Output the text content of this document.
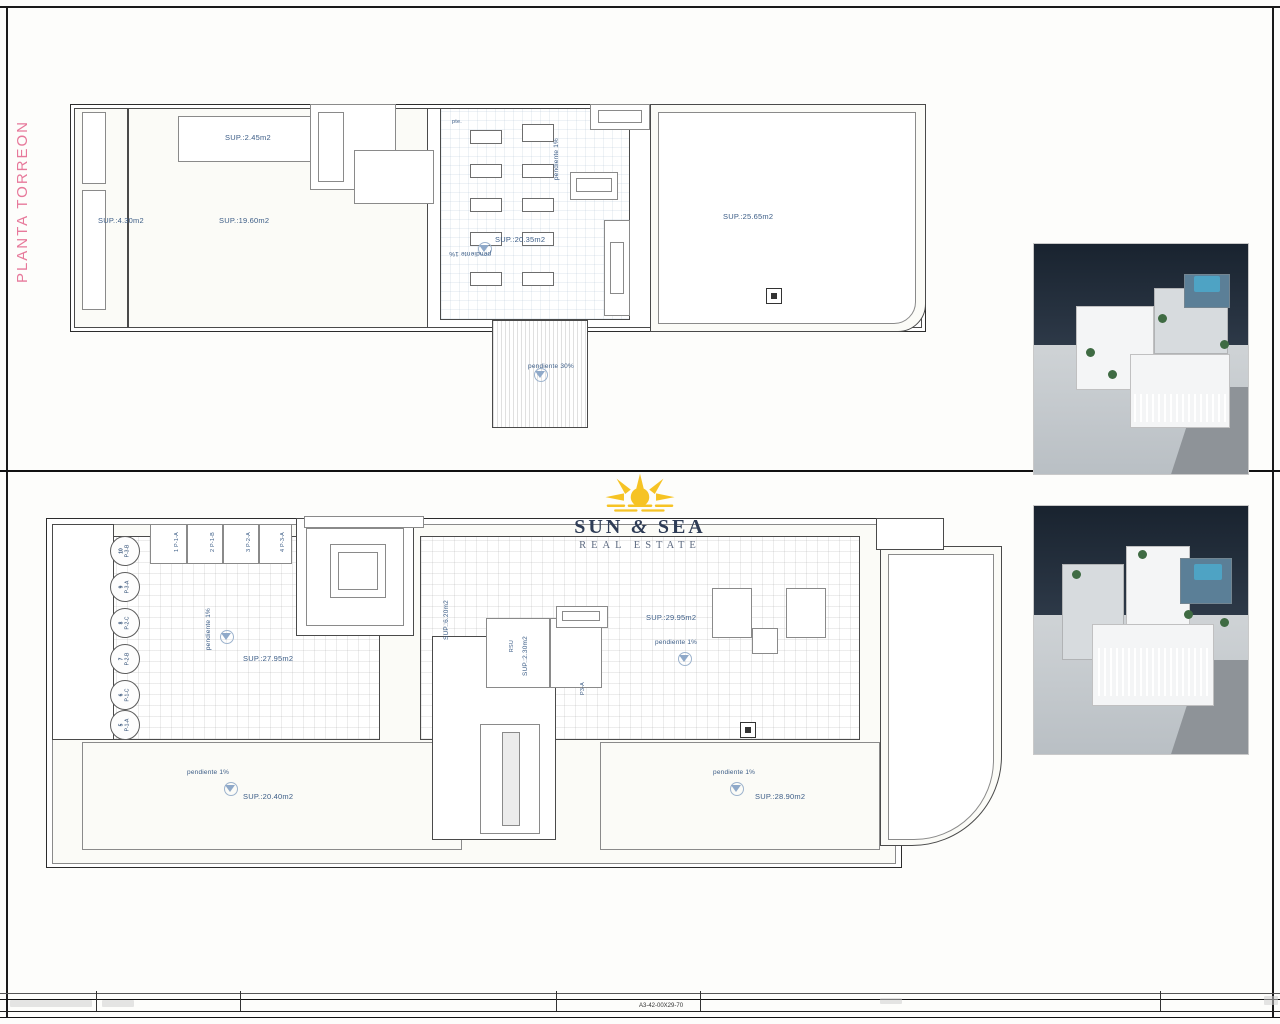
PLANTA TORREON	SUP.:2.45m2
SUP.:4.30m2	SUP.:19.60m2
SUP.:20.35m2
SUP.:25.65m2
pendiente 1%
pendiente 1%
pendiente 30%
pte.
10
P-3-B
9
P-3-A
8
P-2-C
7
P-2-B
6
P-1-C
5
P-1-A
1 P-1-A	2 P-1-B	3 P-2-A	4 P-3-A
SUP.:27.95m2
SUP.:6.20m2
SUP.:2.30m2
SUP.:29.95m2
SUP.:20.40m2	SUP.:28.90m2
pendiente 1%	pendiente 1%
pendiente 1%	pendiente 1%
RSU
P3-A
SUN & SEA
REAL ESTATE
A3-42-00X29-70
